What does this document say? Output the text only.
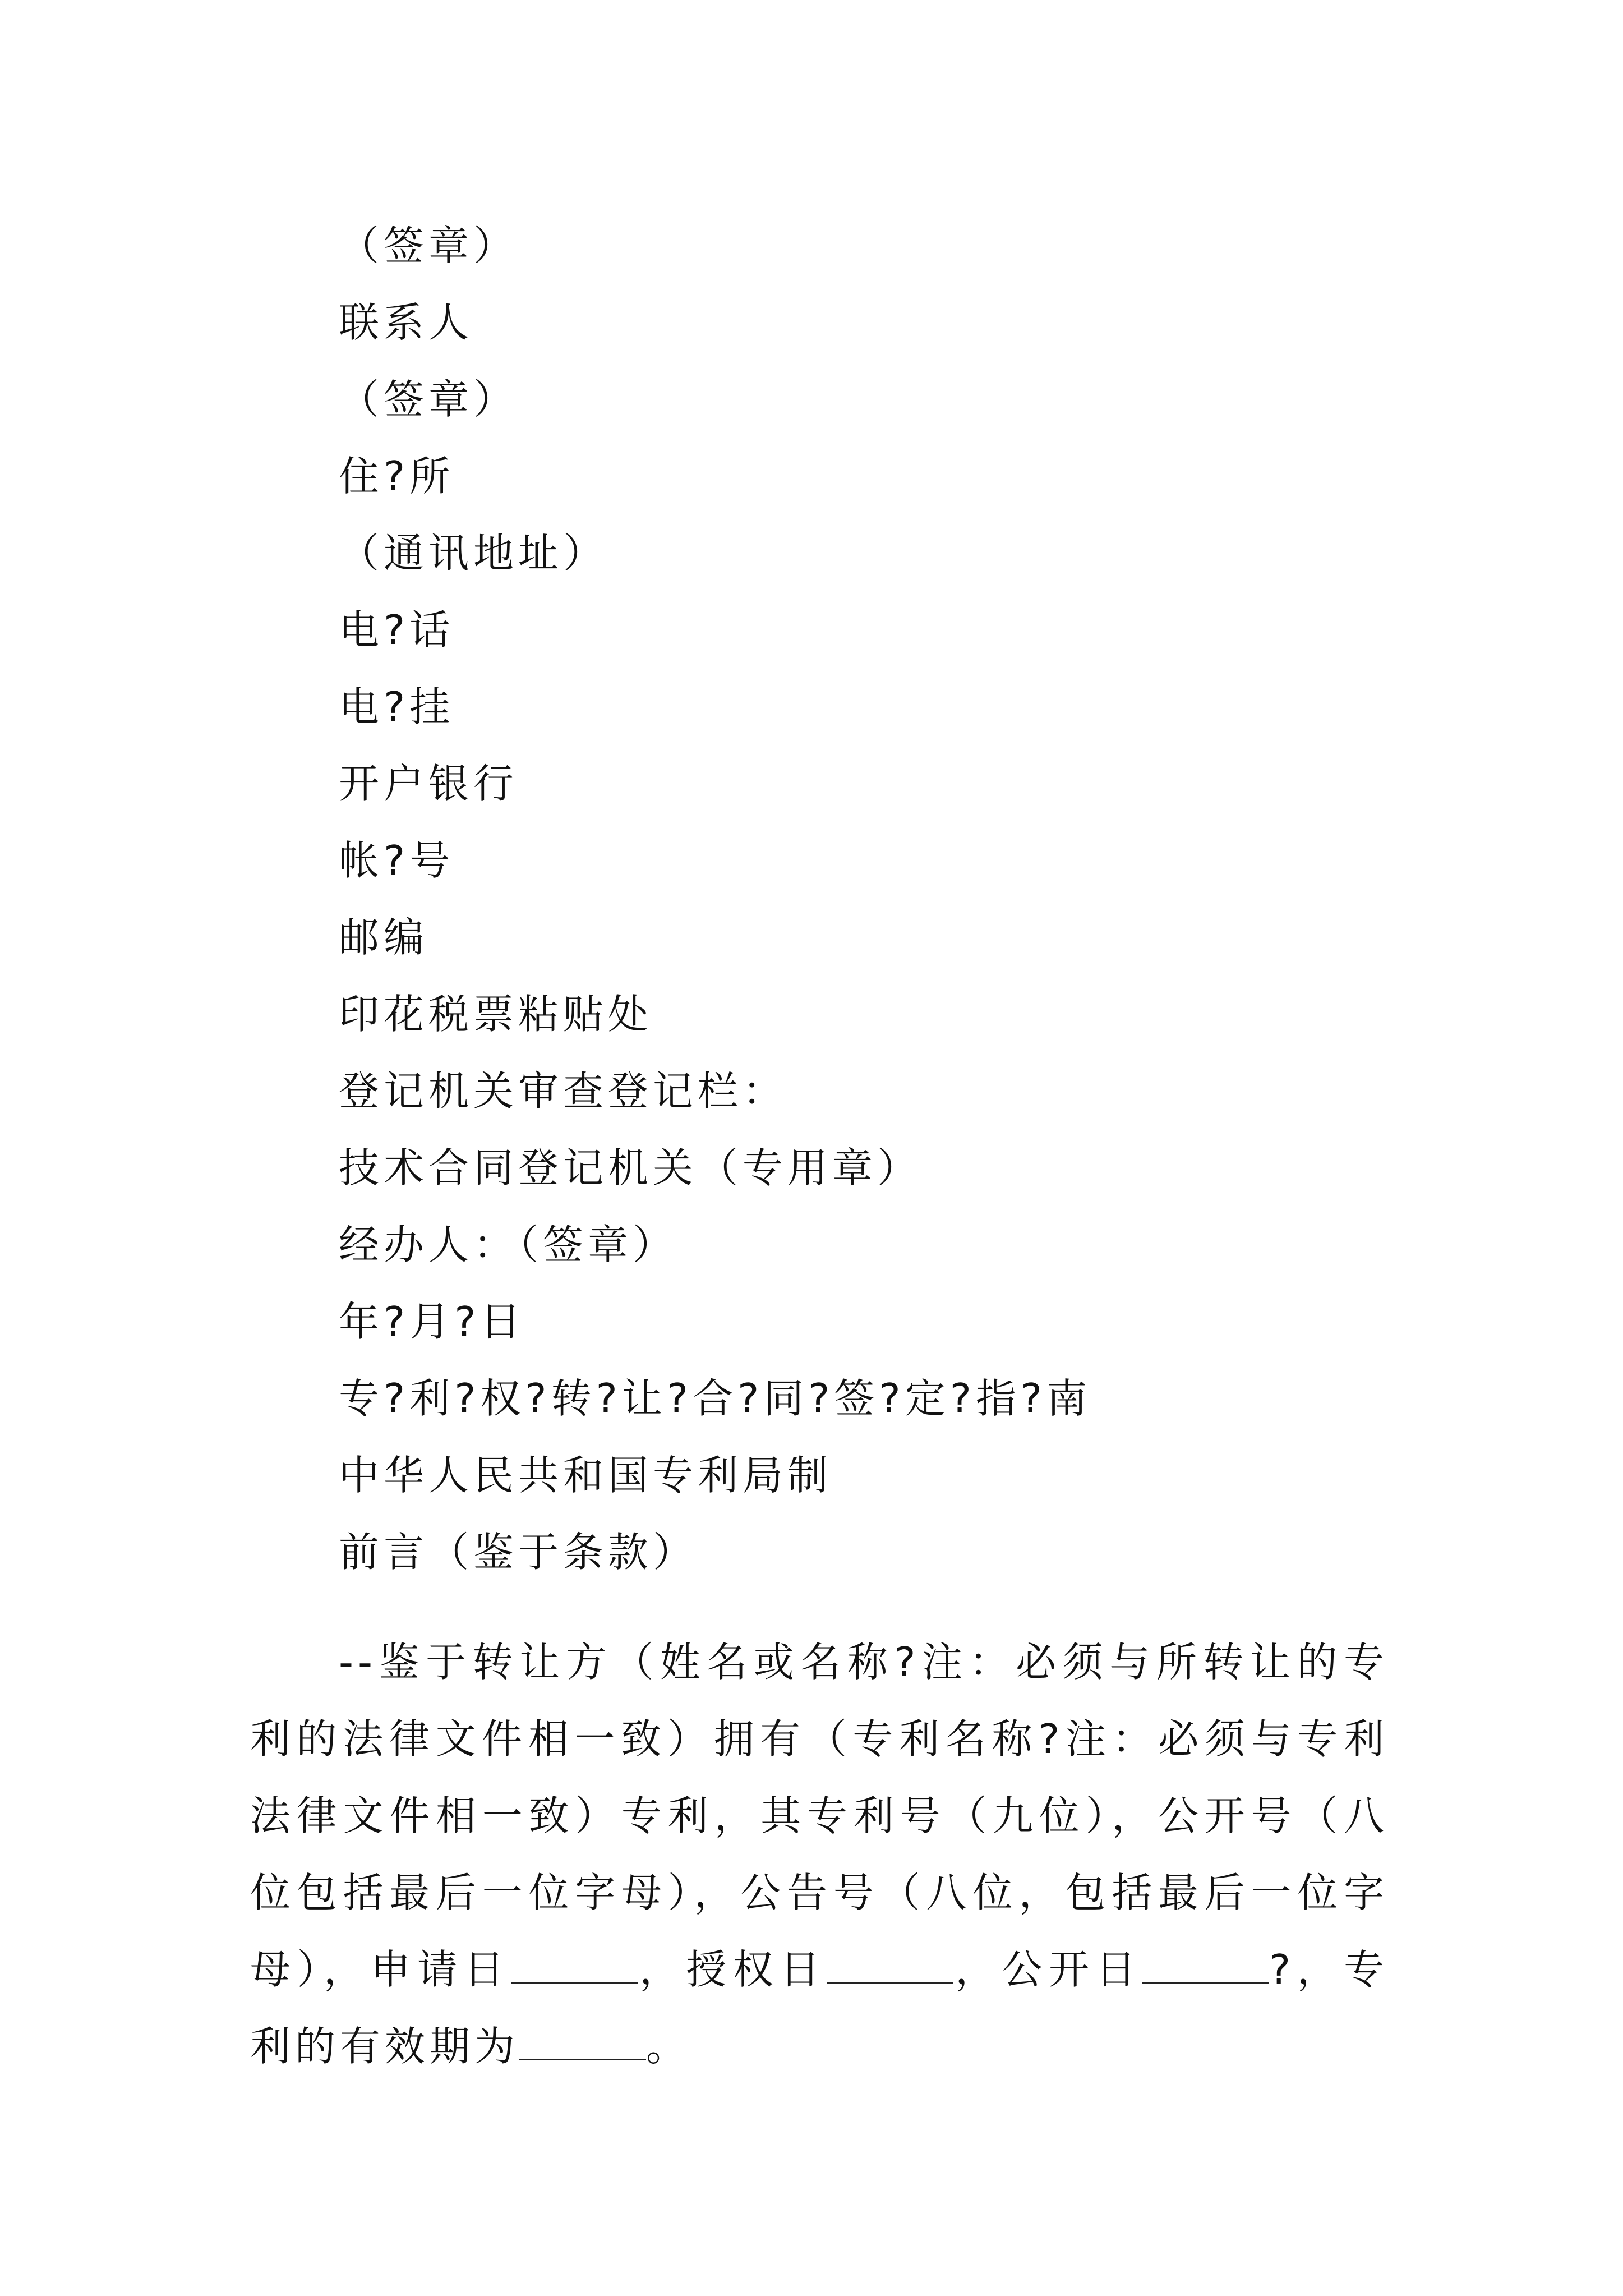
（签章）
联系人
（签章）
住?所
（通讯地址）
电?话
电?挂
开户银行
帐?号
邮编
印花税票粘贴处
登记机关审查登记栏：
技术合同登记机关（专用章）
经办人：（签章）
年?月?日
专?利?权?转?让?合?同?签?定?指?南
中华人民共和国专利局制
前言（鉴于条款）

--鉴于转让方（姓名或名称?注：必须与所转让的专利的法律文件相一致）拥有（专利名称?注：必须与专利法律文件相一致）专利，其专利号（九位），公开号（八位包括最后一位字母），公告号（八位，包括最后一位字母），申请日	，授权日	，公开日	?，专利的有效期为	。
